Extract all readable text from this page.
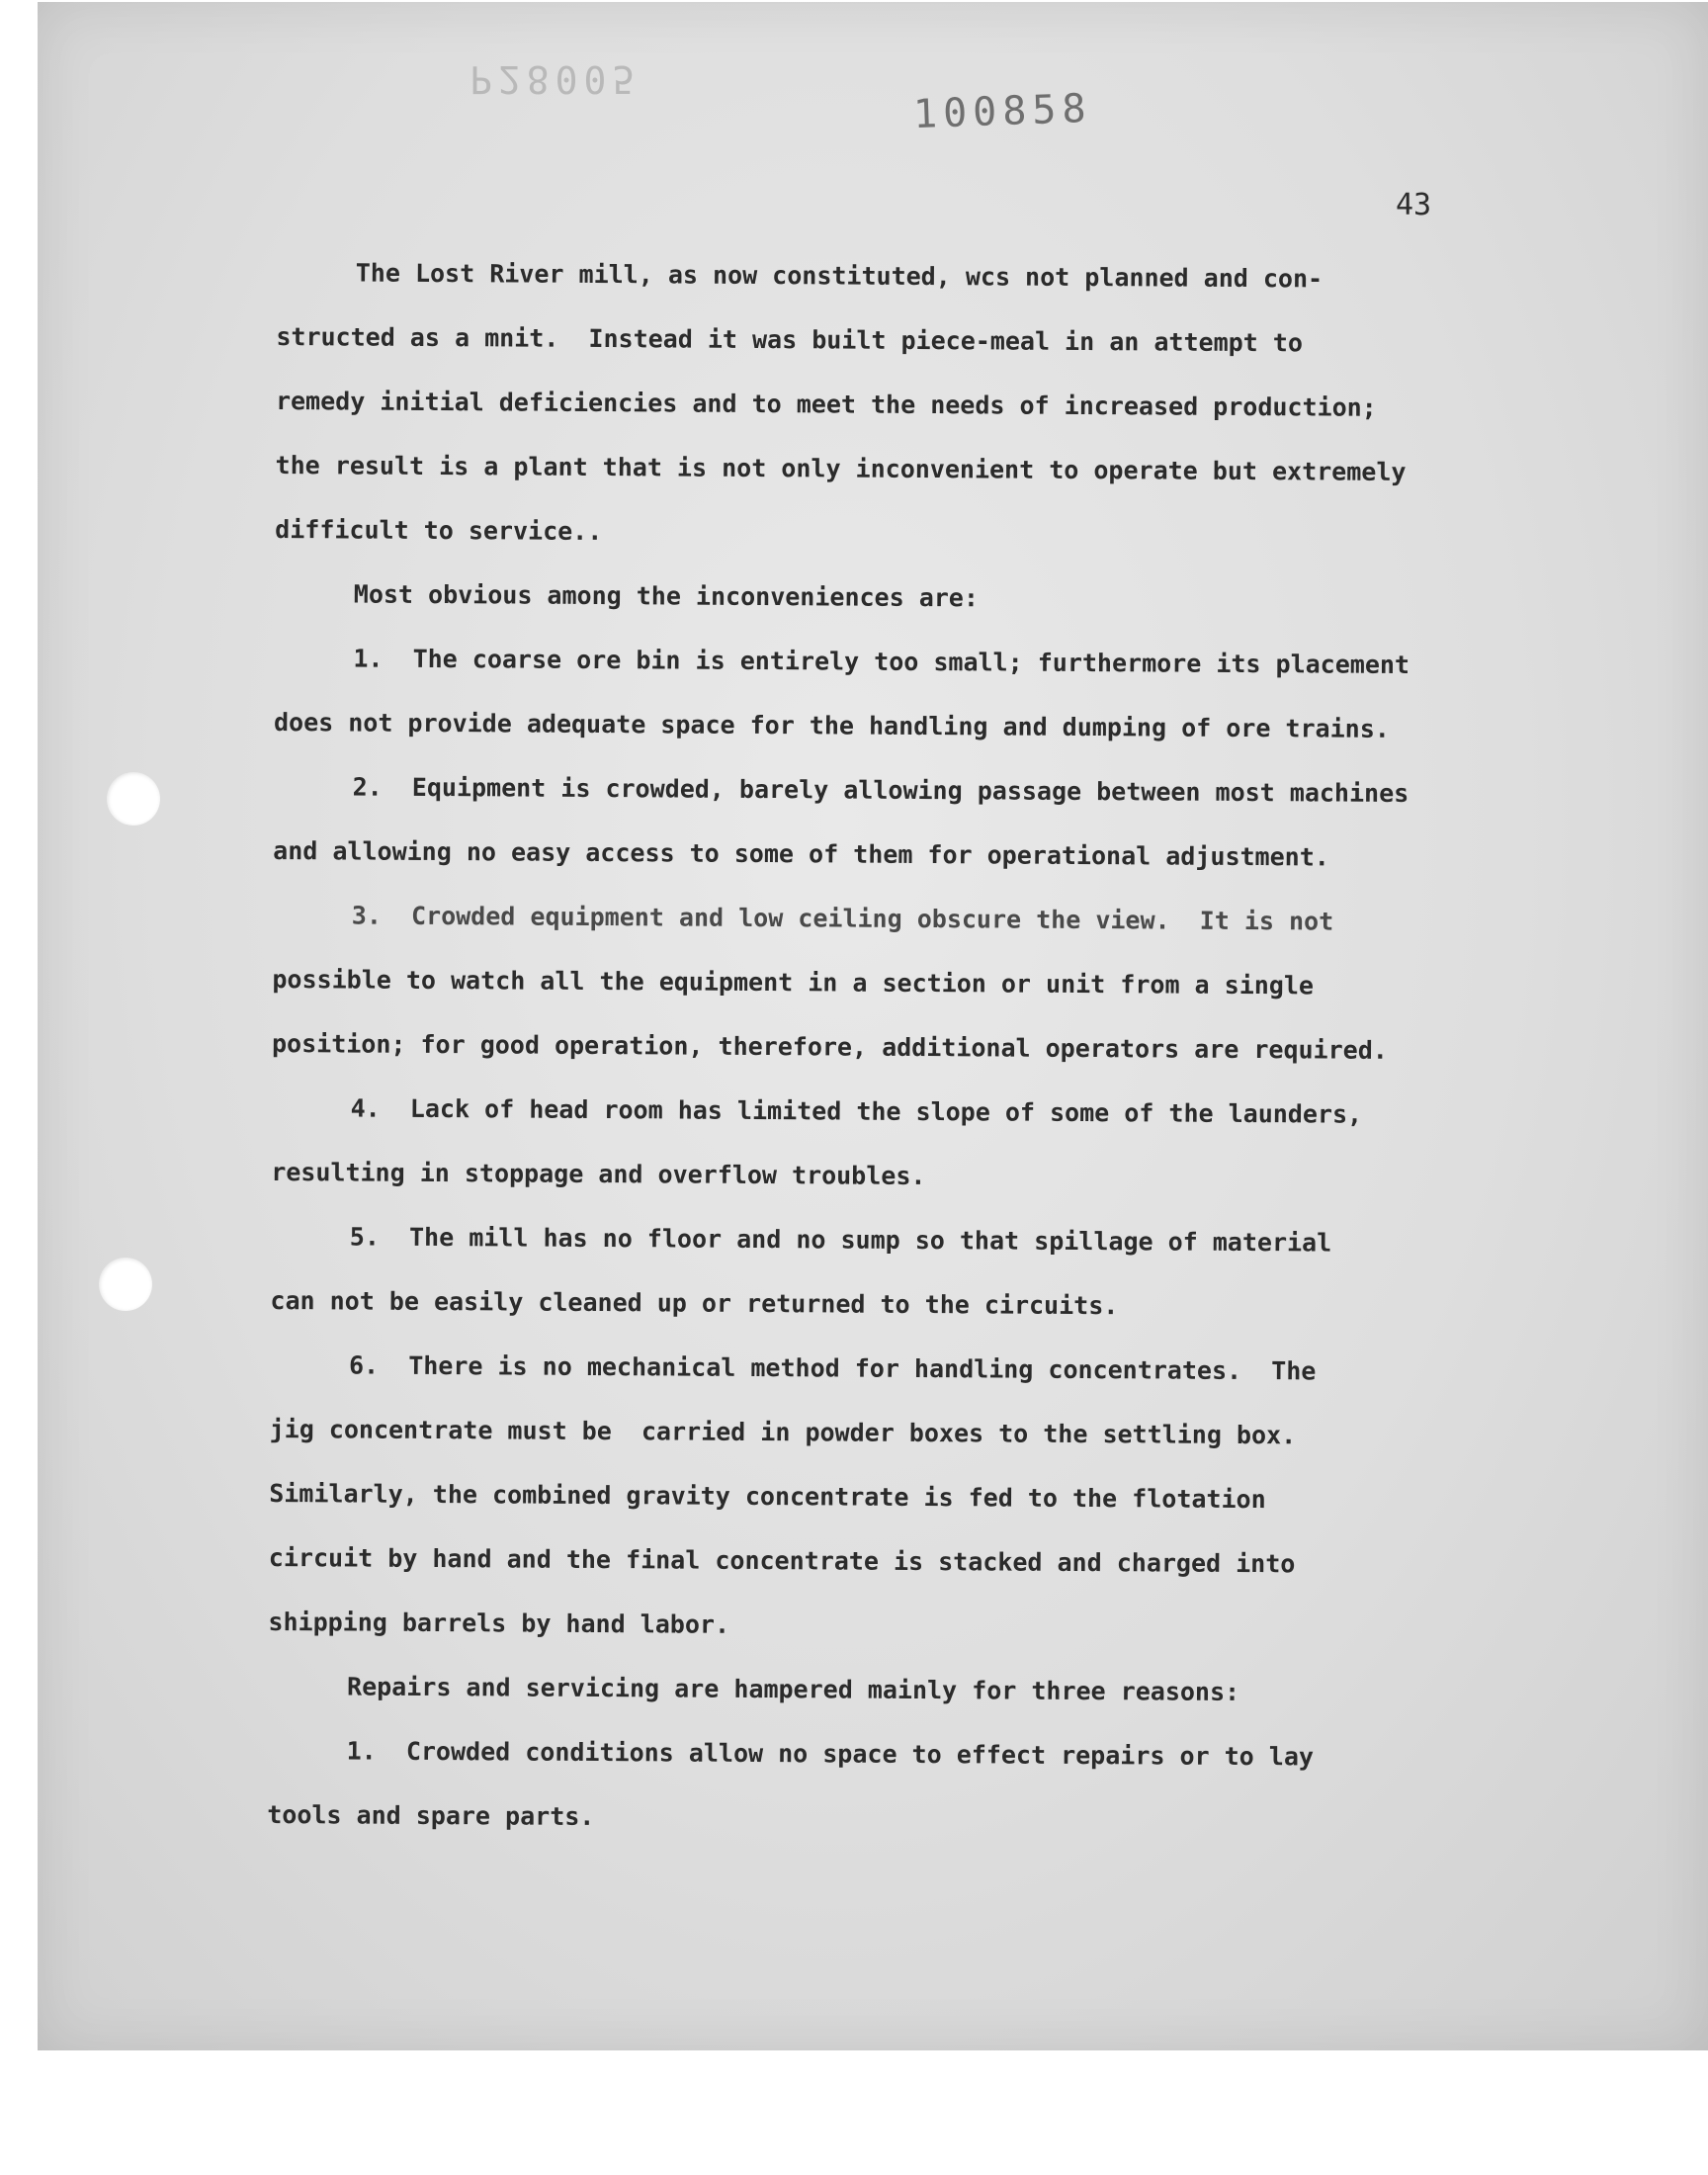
P28005
100858
43
The Lost River mill, as now constituted, wcs not planned and con-
structed as a mnit.  Instead it was built piece-meal in an attempt to
remedy initial deficiencies and to meet the needs of increased production;
the result is a plant that is not only inconvenient to operate but extremely
difficult to service..
Most obvious among the inconveniences are:
1.  The coarse ore bin is entirely too small; furthermore its placement
does not provide adequate space for the handling and dumping of ore trains.
2.  Equipment is crowded, barely allowing passage between most machines
and allowing no easy access to some of them for operational adjustment.
3.  Crowded equipment and low ceiling obscure the view.  It is not
possible to watch all the equipment in a section or unit from a single
position; for good operation, therefore, additional operators are required.
4.  Lack of head room has limited the slope of some of the launders,
resulting in stoppage and overflow troubles.
5.  The mill has no floor and no sump so that spillage of material
can not be easily cleaned up or returned to the circuits.
6.  There is no mechanical method for handling concentrates.  The
jig concentrate must be  carried in powder boxes to the settling box.
Similarly, the combined gravity concentrate is fed to the flotation
circuit by hand and the final concentrate is stacked and charged into
shipping barrels by hand labor.
Repairs and servicing are hampered mainly for three reasons:
1.  Crowded conditions allow no space to effect repairs or to lay
tools and spare parts.
